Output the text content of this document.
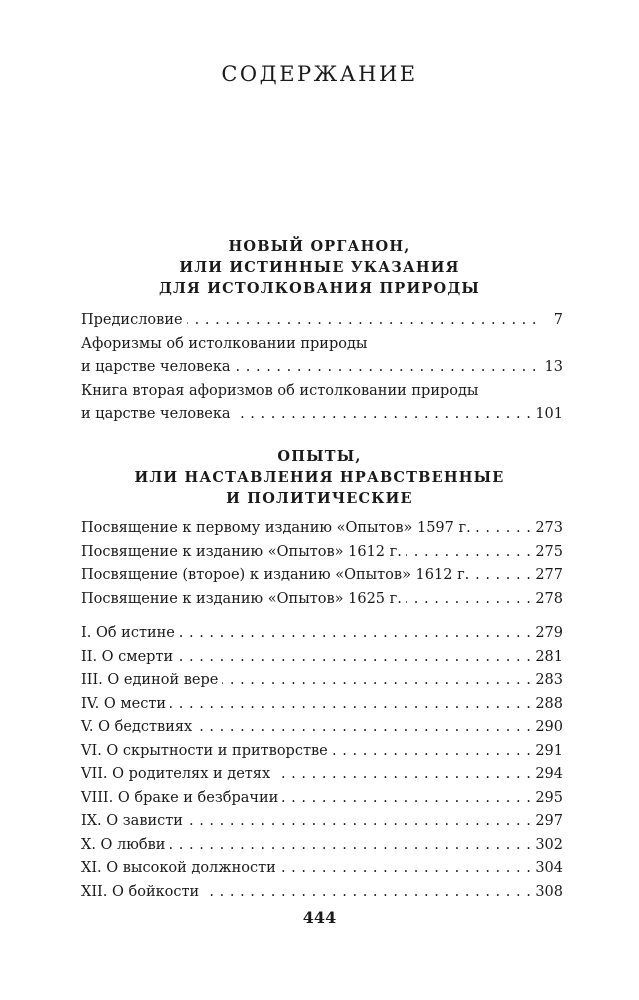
СОДЕРЖАНИЕ
НОВЫЙ ОРГАНОН,
ИЛИ ИСТИННЫЕ УКАЗАНИЯ
ДЛЯ ИСТОЛКОВАНИЯ ПРИРОДЫ
Предисловие . . .	7
Афоризмы об истолковании природы
и царстве человека . . .	13
Книга вторая афоризмов об истолковании природы
и царстве человека . . .	101
ОПЫТЫ,
ИЛИ НАСТАВЛЕНИЯ НРАВСТВЕННЫЕ
И ПОЛИТИЧЕСКИЕ
Посвящение к первому изданию «Опытов» 1597 г. . . .	273
Посвящение к изданию «Опытов» 1612 г. . . .	275
Посвящение (второе) к изданию «Опытов» 1612 г. . . .	277
Посвящение к изданию «Опытов» 1625 г. . . .	278
I. Об истине . . .	279
II. О смерти . . .	281
III. О единой вере . . .	283
IV. О мести . . .	288
V. О бедствиях . . .	290
VI. О скрытности и притворстве . . .	291
VII. О родителях и детях . . .	294
VIII. О браке и безбрачии . . .	295
IX. О зависти . . .	297
X. О любви . . .	302
XI. О высокой должности . . .	304
XII. О бойкости . . .	308
444
